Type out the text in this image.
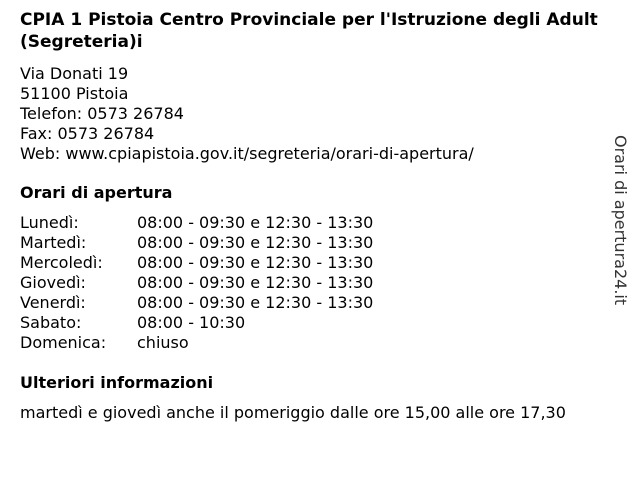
CPIA 1 Pistoia Centro Provinciale per l'Istruzione degli Adult (Segreteria)i
Via Donati 19
51100 Pistoia
Telefon: 0573 26784
Fax: 0573 26784
Web: www.cpiapistoia.gov.it/segreteria/orari-di-apertura/
Orari di apertura
Lunedì:	08:00 - 09:30 e 12:30 - 13:30
Martedì:	08:00 - 09:30 e 12:30 - 13:30
Mercoledì:	08:00 - 09:30 e 12:30 - 13:30
Giovedì:	08:00 - 09:30 e 12:30 - 13:30
Venerdì:	08:00 - 09:30 e 12:30 - 13:30
Sabato:	08:00 - 10:30
Domenica:	chiuso
Ulteriori informazioni
martedì e giovedì anche il pomeriggio dalle ore 15,00 alle ore 17,30
Orari di apertura24.it
